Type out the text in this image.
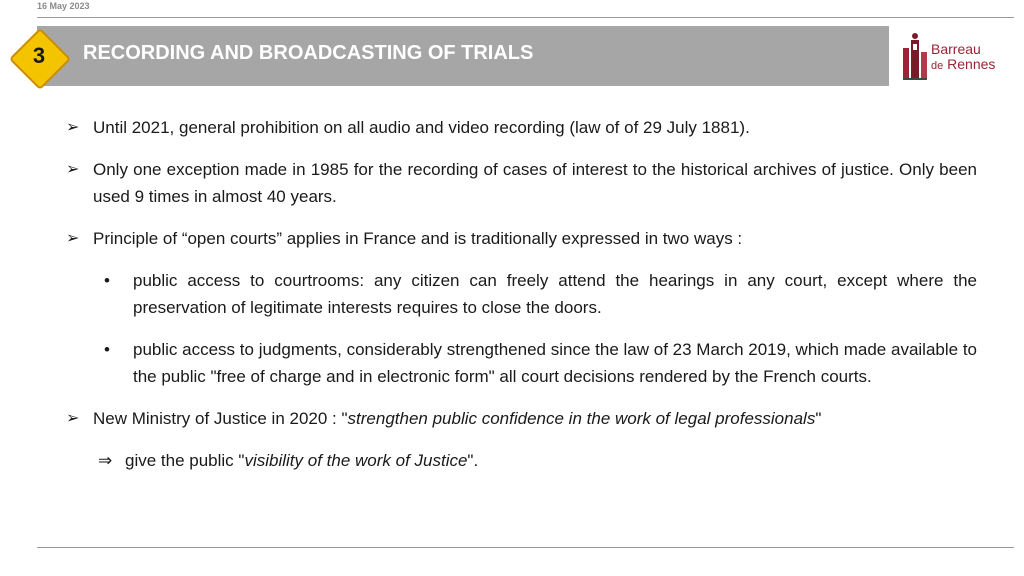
16 May 2023
RECORDING AND BROADCASTING OF TRIALS
3	Barreau
de Rennes
➢ Until 2021, general prohibition on all audio and video recording (law of of 29 July 1881).
➢ Only one exception made in 1985 for the recording of cases of interest to the historical archives of justice. Only been used 9 times in almost 40 years.
➢ Principle of “open courts” applies in France and is traditionally expressed in two ways :
• public access to courtrooms: any citizen can freely attend the hearings in any court, except where the preservation of legitimate interests requires to close the doors.
• public access to judgments, considerably strengthened since the law of 23 March 2019, which made available to the public "free of charge and in electronic form" all court decisions rendered by the French courts.
➢ New Ministry of Justice in 2020 : "strengthen public confidence in the work of legal professionals"
⇒ give the public "visibility of the work of Justice".
